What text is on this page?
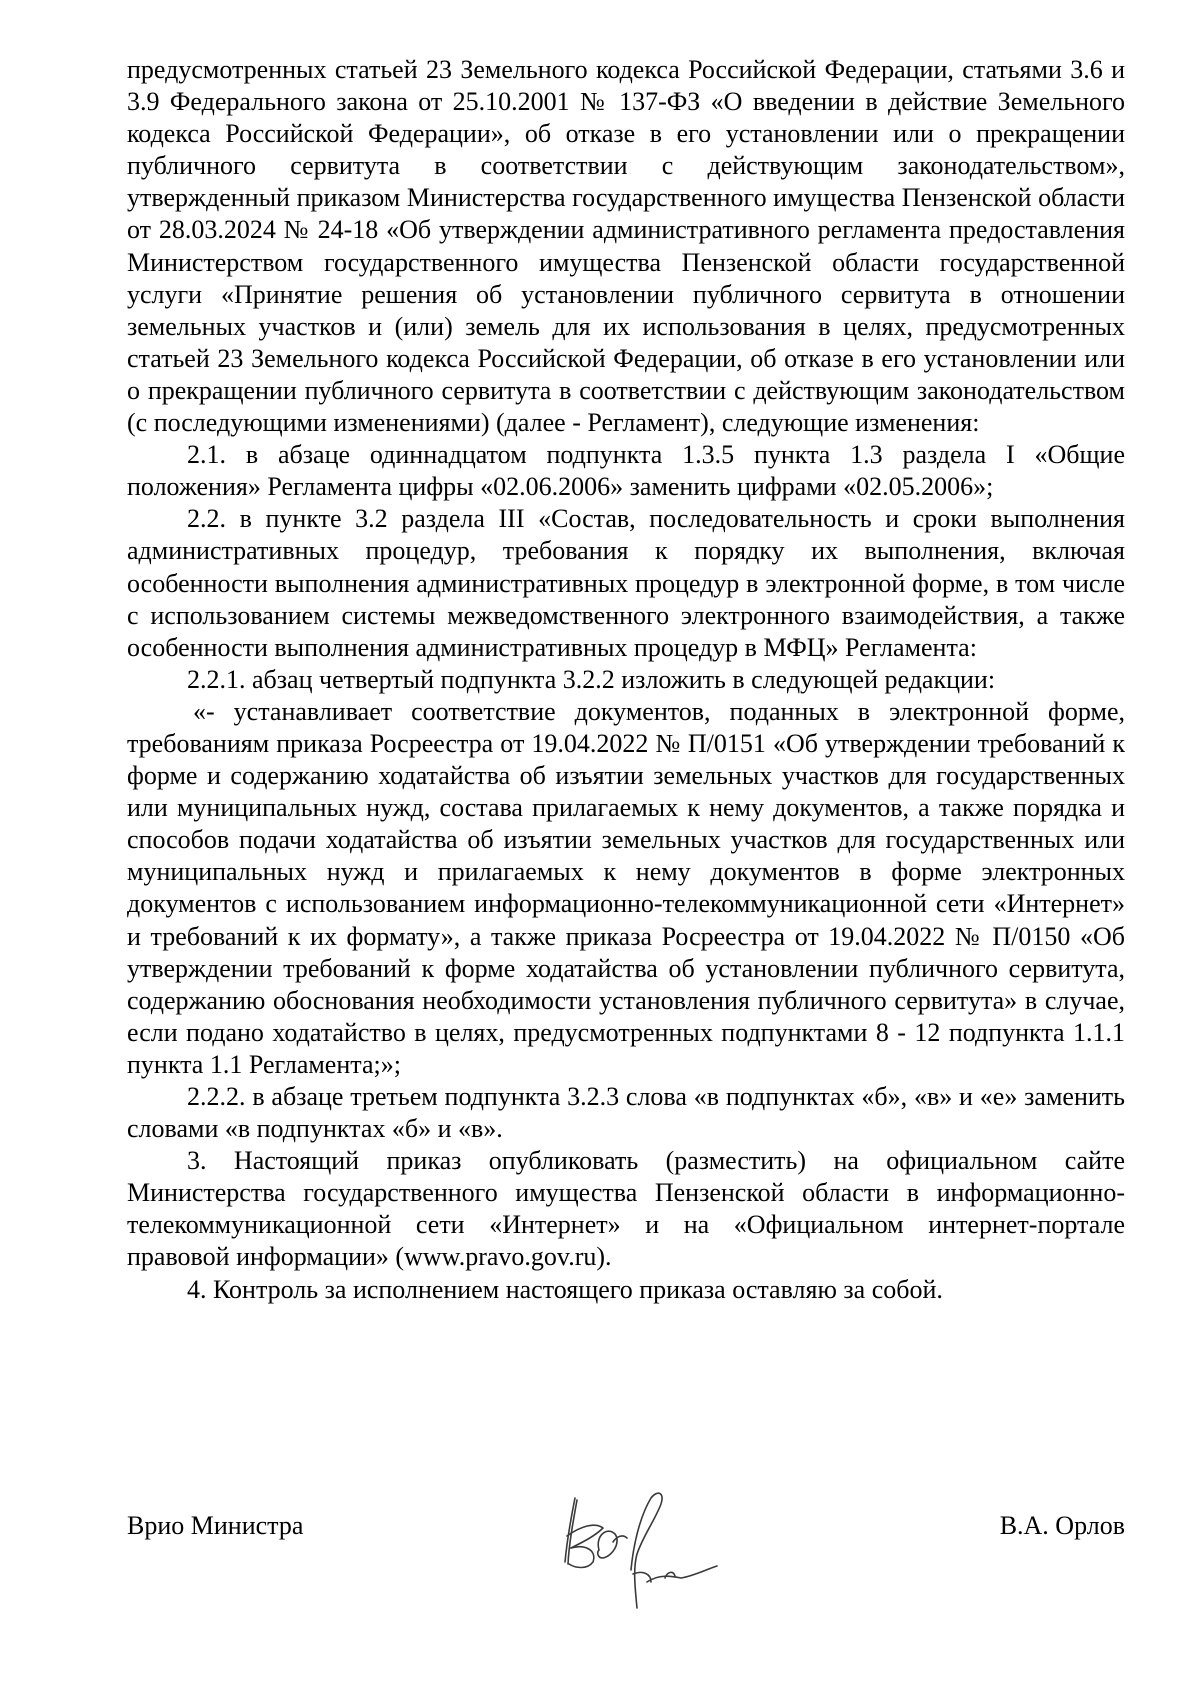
предусмотренных статьей 23 Земельного кодекса Российской Федерации, статьями 3.6 и 3.9 Федерального закона от 25.10.2001 № 137-ФЗ «О введении в действие Земельного кодекса Российской Федерации», об отказе в его установлении или о прекращении публичного сервитута в соответствии с действующим законодательством», утвержденный приказом Министерства государственного имущества Пензенской области от 28.03.2024 № 24-18 «Об утверждении административного регламента предоставления Министерством государственного имущества Пензенской области государственной услуги «Принятие решения об установлении публичного сервитута в отношении земельных участков и (или) земель для их использования в целях, предусмотренных статьей 23 Земельного кодекса Российской Федерации, об отказе в его установлении или о прекращении публичного сервитута в соответствии с действующим законодательством (с последующими изменениями) (далее - Регламент), следующие изменения:

2.1. в абзаце одиннадцатом подпункта 1.3.5 пункта 1.3 раздела I «Общие положения» Регламента цифры «02.06.2006» заменить цифрами «02.05.2006»;

2.2. в пункте 3.2 раздела III «Состав, последовательность и сроки выполнения административных процедур, требования к порядку их выполнения, включая особенности выполнения административных процедур в электронной форме, в том числе с использованием системы межведомственного электронного взаимодействия, а также особенности выполнения административных процедур в МФЦ» Регламента:

2.2.1. абзац четвертый подпункта 3.2.2 изложить в следующей редакции:

«- устанавливает соответствие документов, поданных в электронной форме, требованиям приказа Росреестра от 19.04.2022 № П/0151 «Об утверждении требований к форме и содержанию ходатайства об изъятии земельных участков для государственных или муниципальных нужд, состава прилагаемых к нему документов, а также порядка и способов подачи ходатайства об изъятии земельных участков для государственных или муниципальных нужд и прилагаемых к нему документов в форме электронных документов с использованием информационно-телекоммуникационной сети «Интернет» и требований к их формату», а также приказа Росреестра от 19.04.2022 № П/0150 «Об утверждении требований к форме ходатайства об установлении публичного сервитута, содержанию обоснования необходимости установления публичного сервитута» в случае, если подано ходатайство в целях, предусмотренных подпунктами 8 - 12 подпункта 1.1.1 пункта 1.1 Регламента;»;

2.2.2. в абзаце третьем подпункта 3.2.3 слова «в подпунктах «б», «в» и «е» заменить словами «в подпунктах «б» и «в».

3. Настоящий приказ опубликовать (разместить) на официальном сайте Министерства государственного имущества Пензенской области в информационно-телекоммуникационной сети «Интернет» и на «Официальном интернет-портале правовой информации» (www.pravo.gov.ru).

4. Контроль за исполнением настоящего приказа оставляю за собой.

Врио Министра	В.А. Орлов
